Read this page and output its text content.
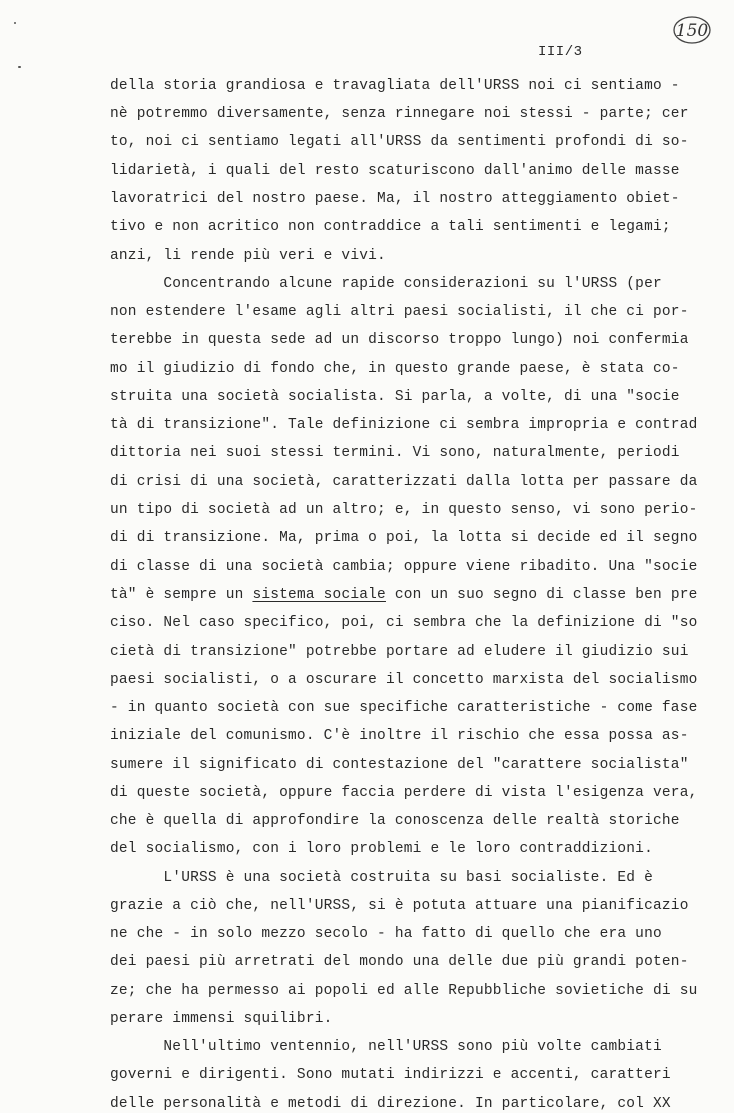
III/3
150
della storia grandiosa e travagliata dell'URSS noi ci sentiamo -
nè potremmo diversamente, senza rinnegare noi stessi - parte; cer
to, noi ci sentiamo legati all'URSS da sentimenti profondi di so-
lidarietà, i quali del resto scaturiscono dall'animo delle masse
lavoratrici del nostro paese. Ma, il nostro atteggiamento obiet-
tivo e non acritico non contraddice a tali sentimenti e legami;
anzi, li rende più veri e vivi.
Concentrando alcune rapide considerazioni su l'URSS (per
non estendere l'esame agli altri paesi socialisti, il che ci por-
terebbe in questa sede ad un discorso troppo lungo) noi confermia
mo il giudizio di fondo che, in questo grande paese, è stata co-
struita una società socialista. Si parla, a volte, di una "socie
tà di transizione". Tale definizione ci sembra impropria e contrad
dittoria nei suoi stessi termini. Vi sono, naturalmente, periodi
di crisi di una società, caratterizzati dalla lotta per passare da
un tipo di società ad un altro; e, in questo senso, vi sono perio-
di di transizione. Ma, prima o poi, la lotta si decide ed il segno
di classe di una società cambia; oppure viene ribadito. Una "socie
tà" è sempre un sistema sociale con un suo segno di classe ben pre
ciso. Nel caso specifico, poi, ci sembra che la definizione di "so
cietà di transizione" potrebbe portare ad eludere il giudizio sui
paesi socialisti, o a oscurare il concetto marxista del socialismo
- in quanto società con sue specifiche caratteristiche - come fase
iniziale del comunismo. C'è inoltre il rischio che essa possa as-
sumere il significato di contestazione del "carattere socialista"
di queste società, oppure faccia perdere di vista l'esigenza vera,
che è quella di approfondire la conoscenza delle realtà storiche
del socialismo, con i loro problemi e le loro contraddizioni.
L'URSS è una società costruita su basi socialiste. Ed è
grazie a ciò che, nell'URSS, si è potuta attuare una pianificazio
ne che - in solo mezzo secolo - ha fatto di quello che era uno
dei paesi più arretrati del mondo una delle due più grandi poten-
ze; che ha permesso ai popoli ed alle Repubbliche sovietiche di su
perare immensi squilibri.
Nell'ultimo ventennio, nell'URSS sono più volte cambiati
governi e dirigenti. Sono mutati indirizzi e accenti, caratteri
delle personalità e metodi di direzione. In particolare, col XX
